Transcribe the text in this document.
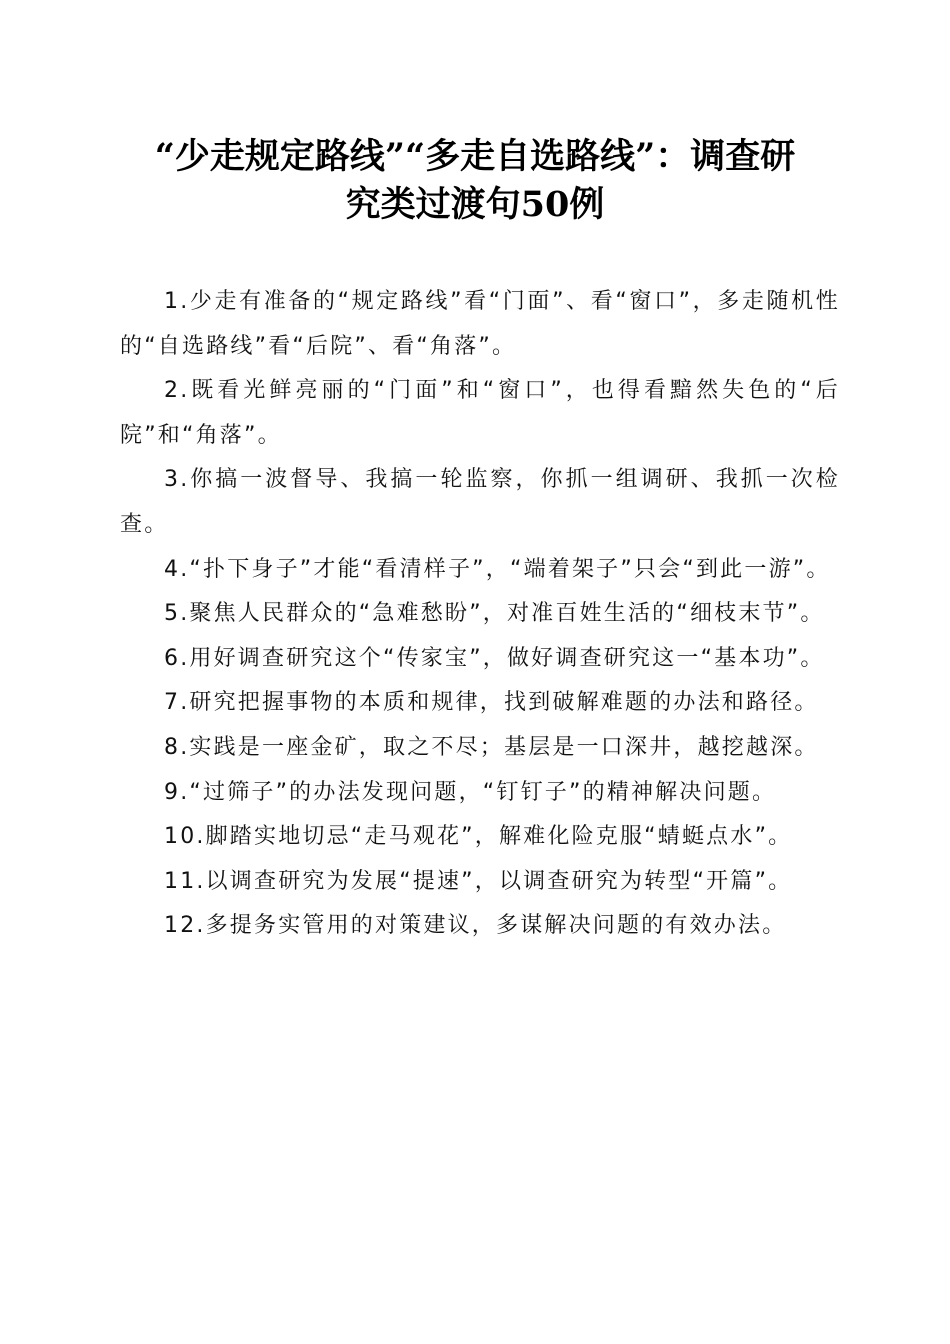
“少走规定路线”“多走自选路线”：调查研
究类过渡句50例

1.少走有准备的“规定路线”看“门面”、看“窗口”，多走随机性的“自选路线”看“后院”、看“角落”。

2.既看光鲜亮丽的“门面”和“窗口”，也得看黯然失色的“后院”和“角落”。

3.你搞一波督导、我搞一轮监察，你抓一组调研、我抓一次检查。

4.“扑下身子”才能“看清样子”，“端着架子”只会“到此一游”。

5.聚焦人民群众的“急难愁盼”，对准百姓生活的“细枝末节”。

6.用好调查研究这个“传家宝”，做好调查研究这一“基本功”。

7.研究把握事物的本质和规律，找到破解难题的办法和路径。

8.实践是一座金矿，取之不尽；基层是一口深井，越挖越深。

9.“过筛子”的办法发现问题，“钉钉子”的精神解决问题。

10.脚踏实地切忌“走马观花”，解难化险克服“蜻蜓点水”。

11.以调查研究为发展“提速”，以调查研究为转型“开篇”。

12.多提务实管用的对策建议，多谋解决问题的有效办法。
